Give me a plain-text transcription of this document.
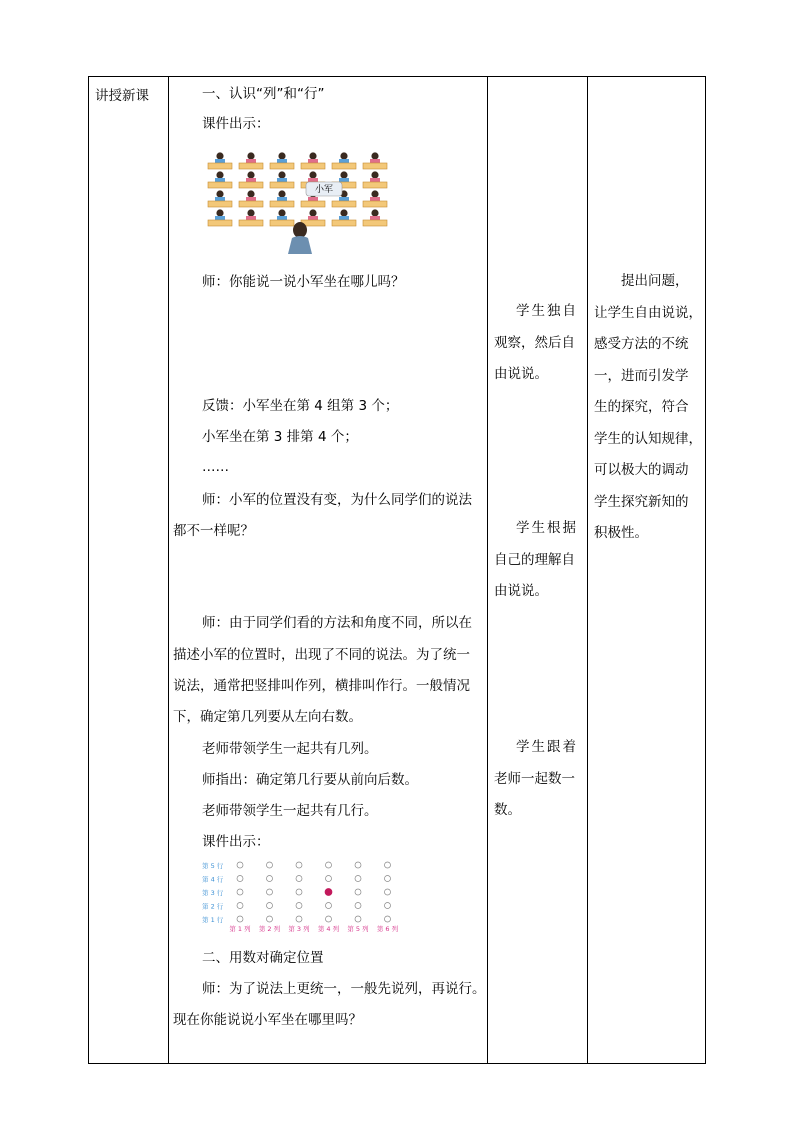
讲授新课	一、认识“列”和“行”
课件出示：
小军
师：你能说一说小军坐在哪儿吗？
反馈：小军坐在第 4 组第 3 个；
小军坐在第 3 排第 4 个；
……
师：小军的位置没有变，为什么同学们的说法
都不一样呢？
师：由于同学们看的方法和角度不同，所以在
描述小军的位置时，出现了不同的说法。为了统一
说法，通常把竖排叫作列，横排叫作行。一般情况
下，确定第几列要从左向右数。
老师带领学生一起共有几列。
师指出：确定第几行要从前向后数。
老师带领学生一起共有几行。
课件出示：
第 5 行
第 4 行
第 3 行
第 2 行
第 1 行
第 1 列 第 2 列 第 3 列 第 4 列 第 5 列 第 6 列
二、用数对确定位置
师：为了说法上更统一，一般先说列，再说行。
现在你能说说小军坐在哪里吗？
学生独自
观察，然后自
由说说。
学生根据
自己的理解自
由说说。
学生跟着
老师一起数一
数。
提出问题，
让学生自由说说，
感受方法的不统
一，进而引发学
生的探究，符合
学生的认知规律，
可以极大的调动
学生探究新知的
积极性。
